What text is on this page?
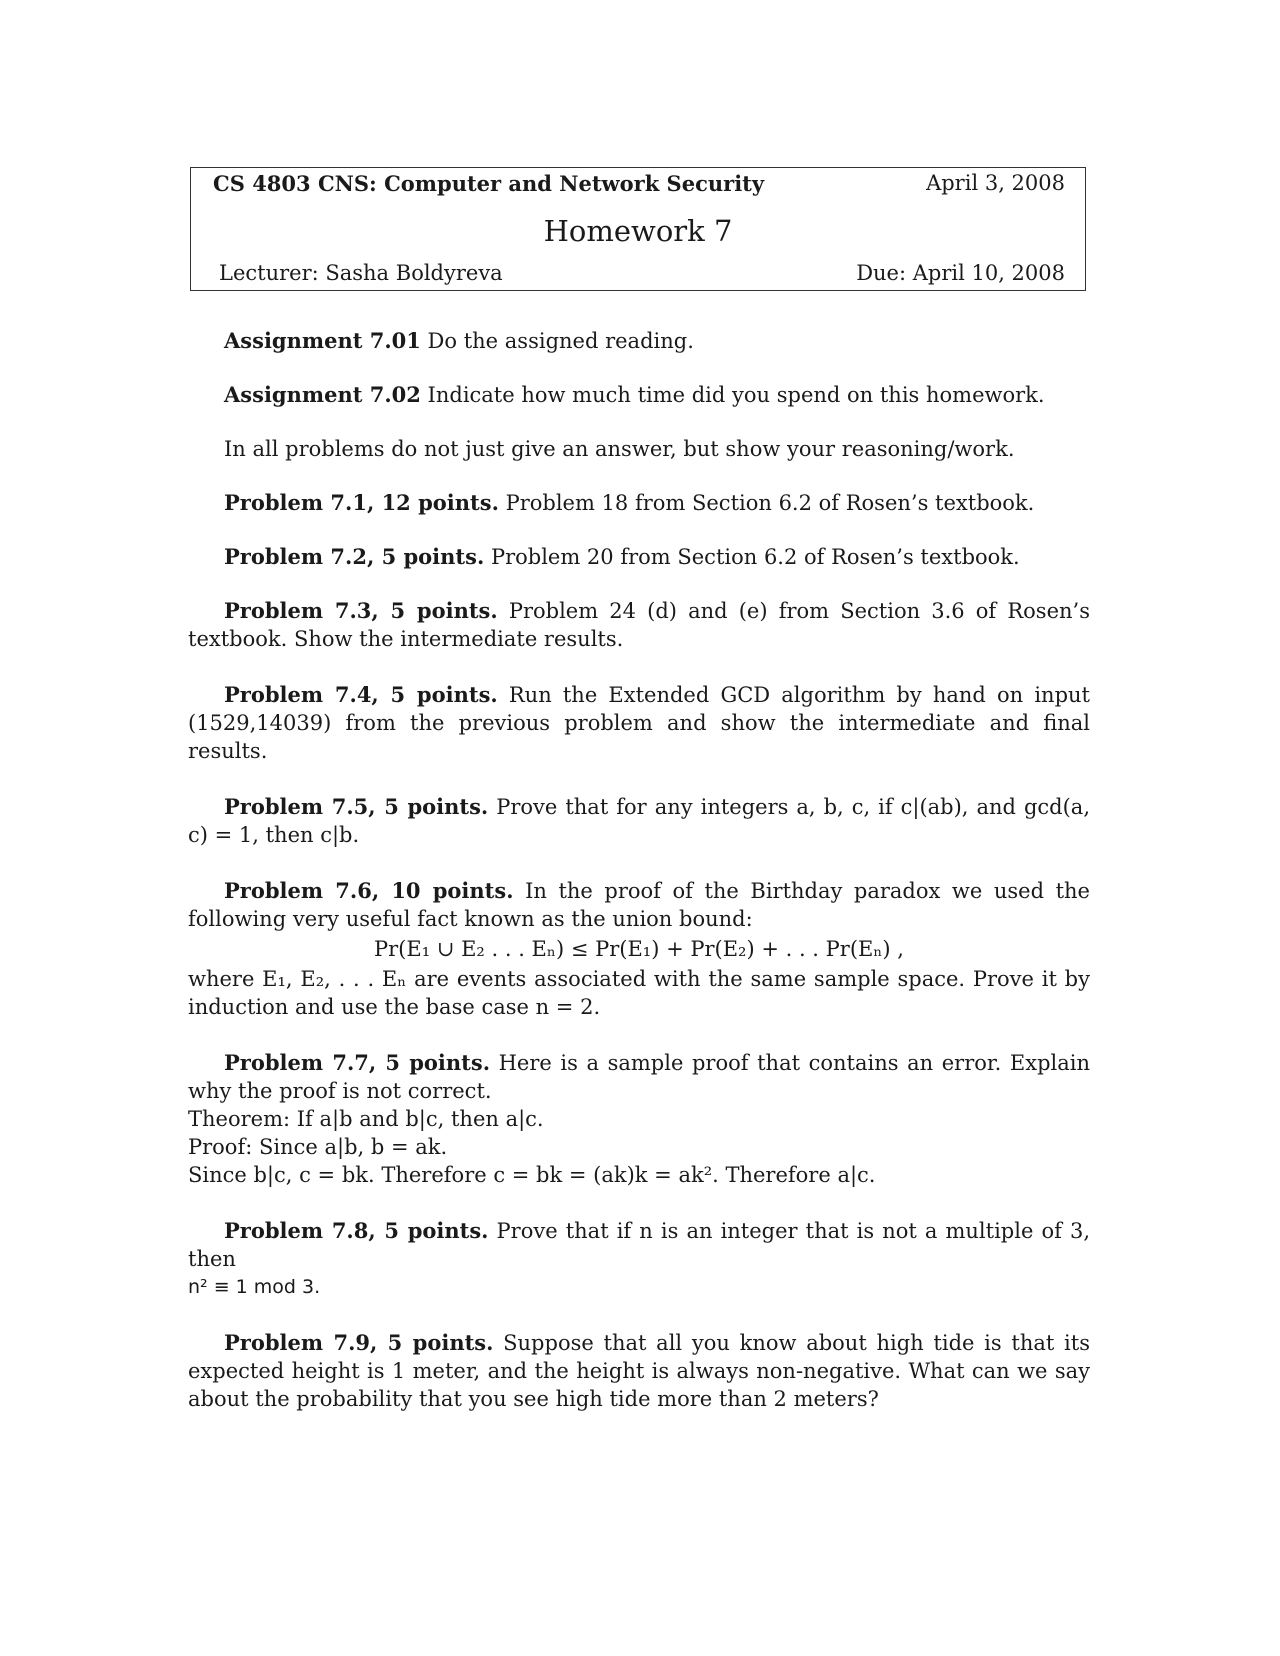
CS 4803 CNS: Computer and Network Security	April 3, 2008
Homework 7
Lecturer: Sasha Boldyreva	Due: April 10, 2008

Assignment 7.01 Do the assigned reading.

Assignment 7.02 Indicate how much time did you spend on this homework.

In all problems do not just give an answer, but show your reasoning/work.

Problem 7.1, 12 points. Problem 18 from Section 6.2 of Rosen’s textbook.

Problem 7.2, 5 points. Problem 20 from Section 6.2 of Rosen’s textbook.

Problem 7.3, 5 points. Problem 24 (d) and (e) from Section 3.6 of Rosen’s textbook. Show the intermediate results.

Problem 7.4, 5 points. Run the Extended GCD algorithm by hand on input (1529,14039) from the previous problem and show the intermediate and final results.

Problem 7.5, 5 points. Prove that for any integers a, b, c, if c|(ab), and gcd(a, c) = 1, then c|b.

Problem 7.6, 10 points. In the proof of the Birthday paradox we used the following very useful fact known as the union bound:

Pr(E₁ ∪ E₂ . . . Eₙ) ≤ Pr(E₁) + Pr(E₂) + . . . Pr(Eₙ) ,

where E₁, E₂, . . . Eₙ are events associated with the same sample space. Prove it by induction and use the base case n = 2.

Problem 7.7, 5 points. Here is a sample proof that contains an error. Explain why the proof is not correct.

Theorem: If a|b and b|c, then a|c.

Proof: Since a|b, b = ak.

Since b|c, c = bk. Therefore c = bk = (ak)k = ak². Therefore a|c.

Problem 7.8, 5 points. Prove that if n is an integer that is not a multiple of 3, then

n² ≡ 1 mod 3.

Problem 7.9, 5 points. Suppose that all you know about high tide is that its expected height is 1 meter, and the height is always non-negative. What can we say about the probability that you see high tide more than 2 meters?
